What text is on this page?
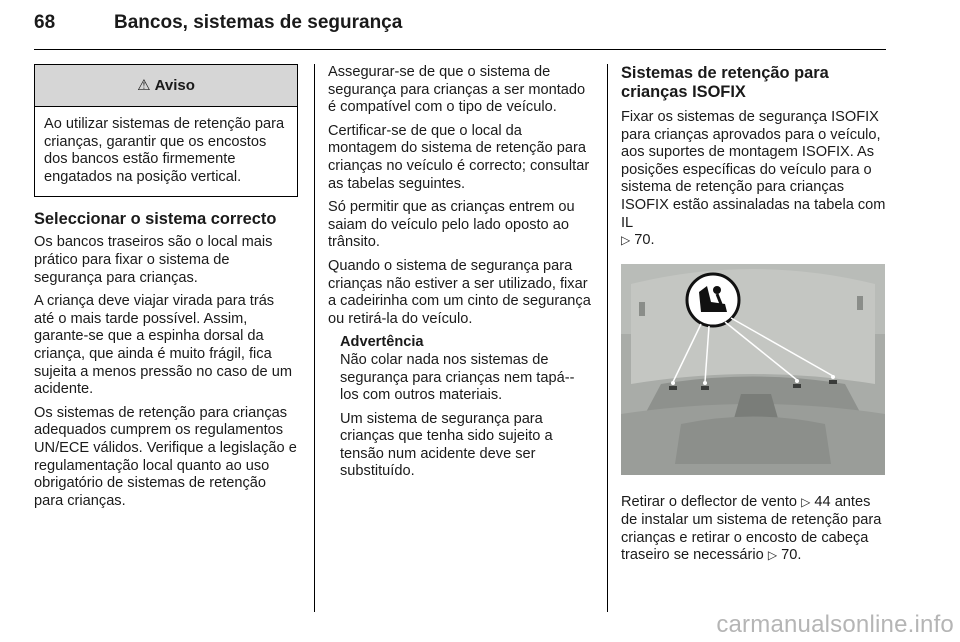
68	Bancos, sistemas de segurança
⚠ Aviso
Ao utilizar sistemas de retenção para crianças, garantir que os encostos dos bancos estão firmemente engatados na posição vertical.
Seleccionar o sistema correcto

Os bancos traseiros são o local mais prático para fixar o sistema de segurança para crianças.

A criança deve viajar virada para trás até o mais tarde possível. Assim, garante-se que a espinha dorsal da criança, que ainda é muito frágil, fica sujeita a menos pressão no caso de um acidente.

Os sistemas de retenção para crianças adequados cumprem os regulamentos UN/ECE válidos. Verifique a legislação e regulamentação local quanto ao uso obrigatório de sistemas de retenção para crianças.

Assegurar-se de que o sistema de segurança para crianças a ser montado é compatível com o tipo de veículo.

Certificar-se de que o local da montagem do sistema de retenção para crianças no veículo é correcto; consultar as tabelas seguintes.

Só permitir que as crianças entrem ou saiam do veículo pelo lado oposto ao trânsito.

Quando o sistema de segurança para crianças não estiver a ser utilizado, fixar a cadeirinha com um cinto de segurança ou retirá-la do veículo.

Advertência

Não colar nada nos sistemas de segurança para crianças nem tapá--los com outros materiais.

Um sistema de segurança para crianças que tenha sido sujeito a tensão num acidente deve ser substituído.

Sistemas de retenção para crianças ISOFIX

Fixar os sistemas de segurança ISOFIX para crianças aprovados para o veículo, aos suportes de montagem ISOFIX. As posições específicas do veículo para o sistema de retenção para crianças ISOFIX estão assinaladas na tabela com IL
▷ 70.

Retirar o deflector de vento ▷ 44 antes de instalar um sistema de retenção para crianças e retirar o encosto de cabeça traseiro se necessário ▷ 70.

carmanualsonline.info
